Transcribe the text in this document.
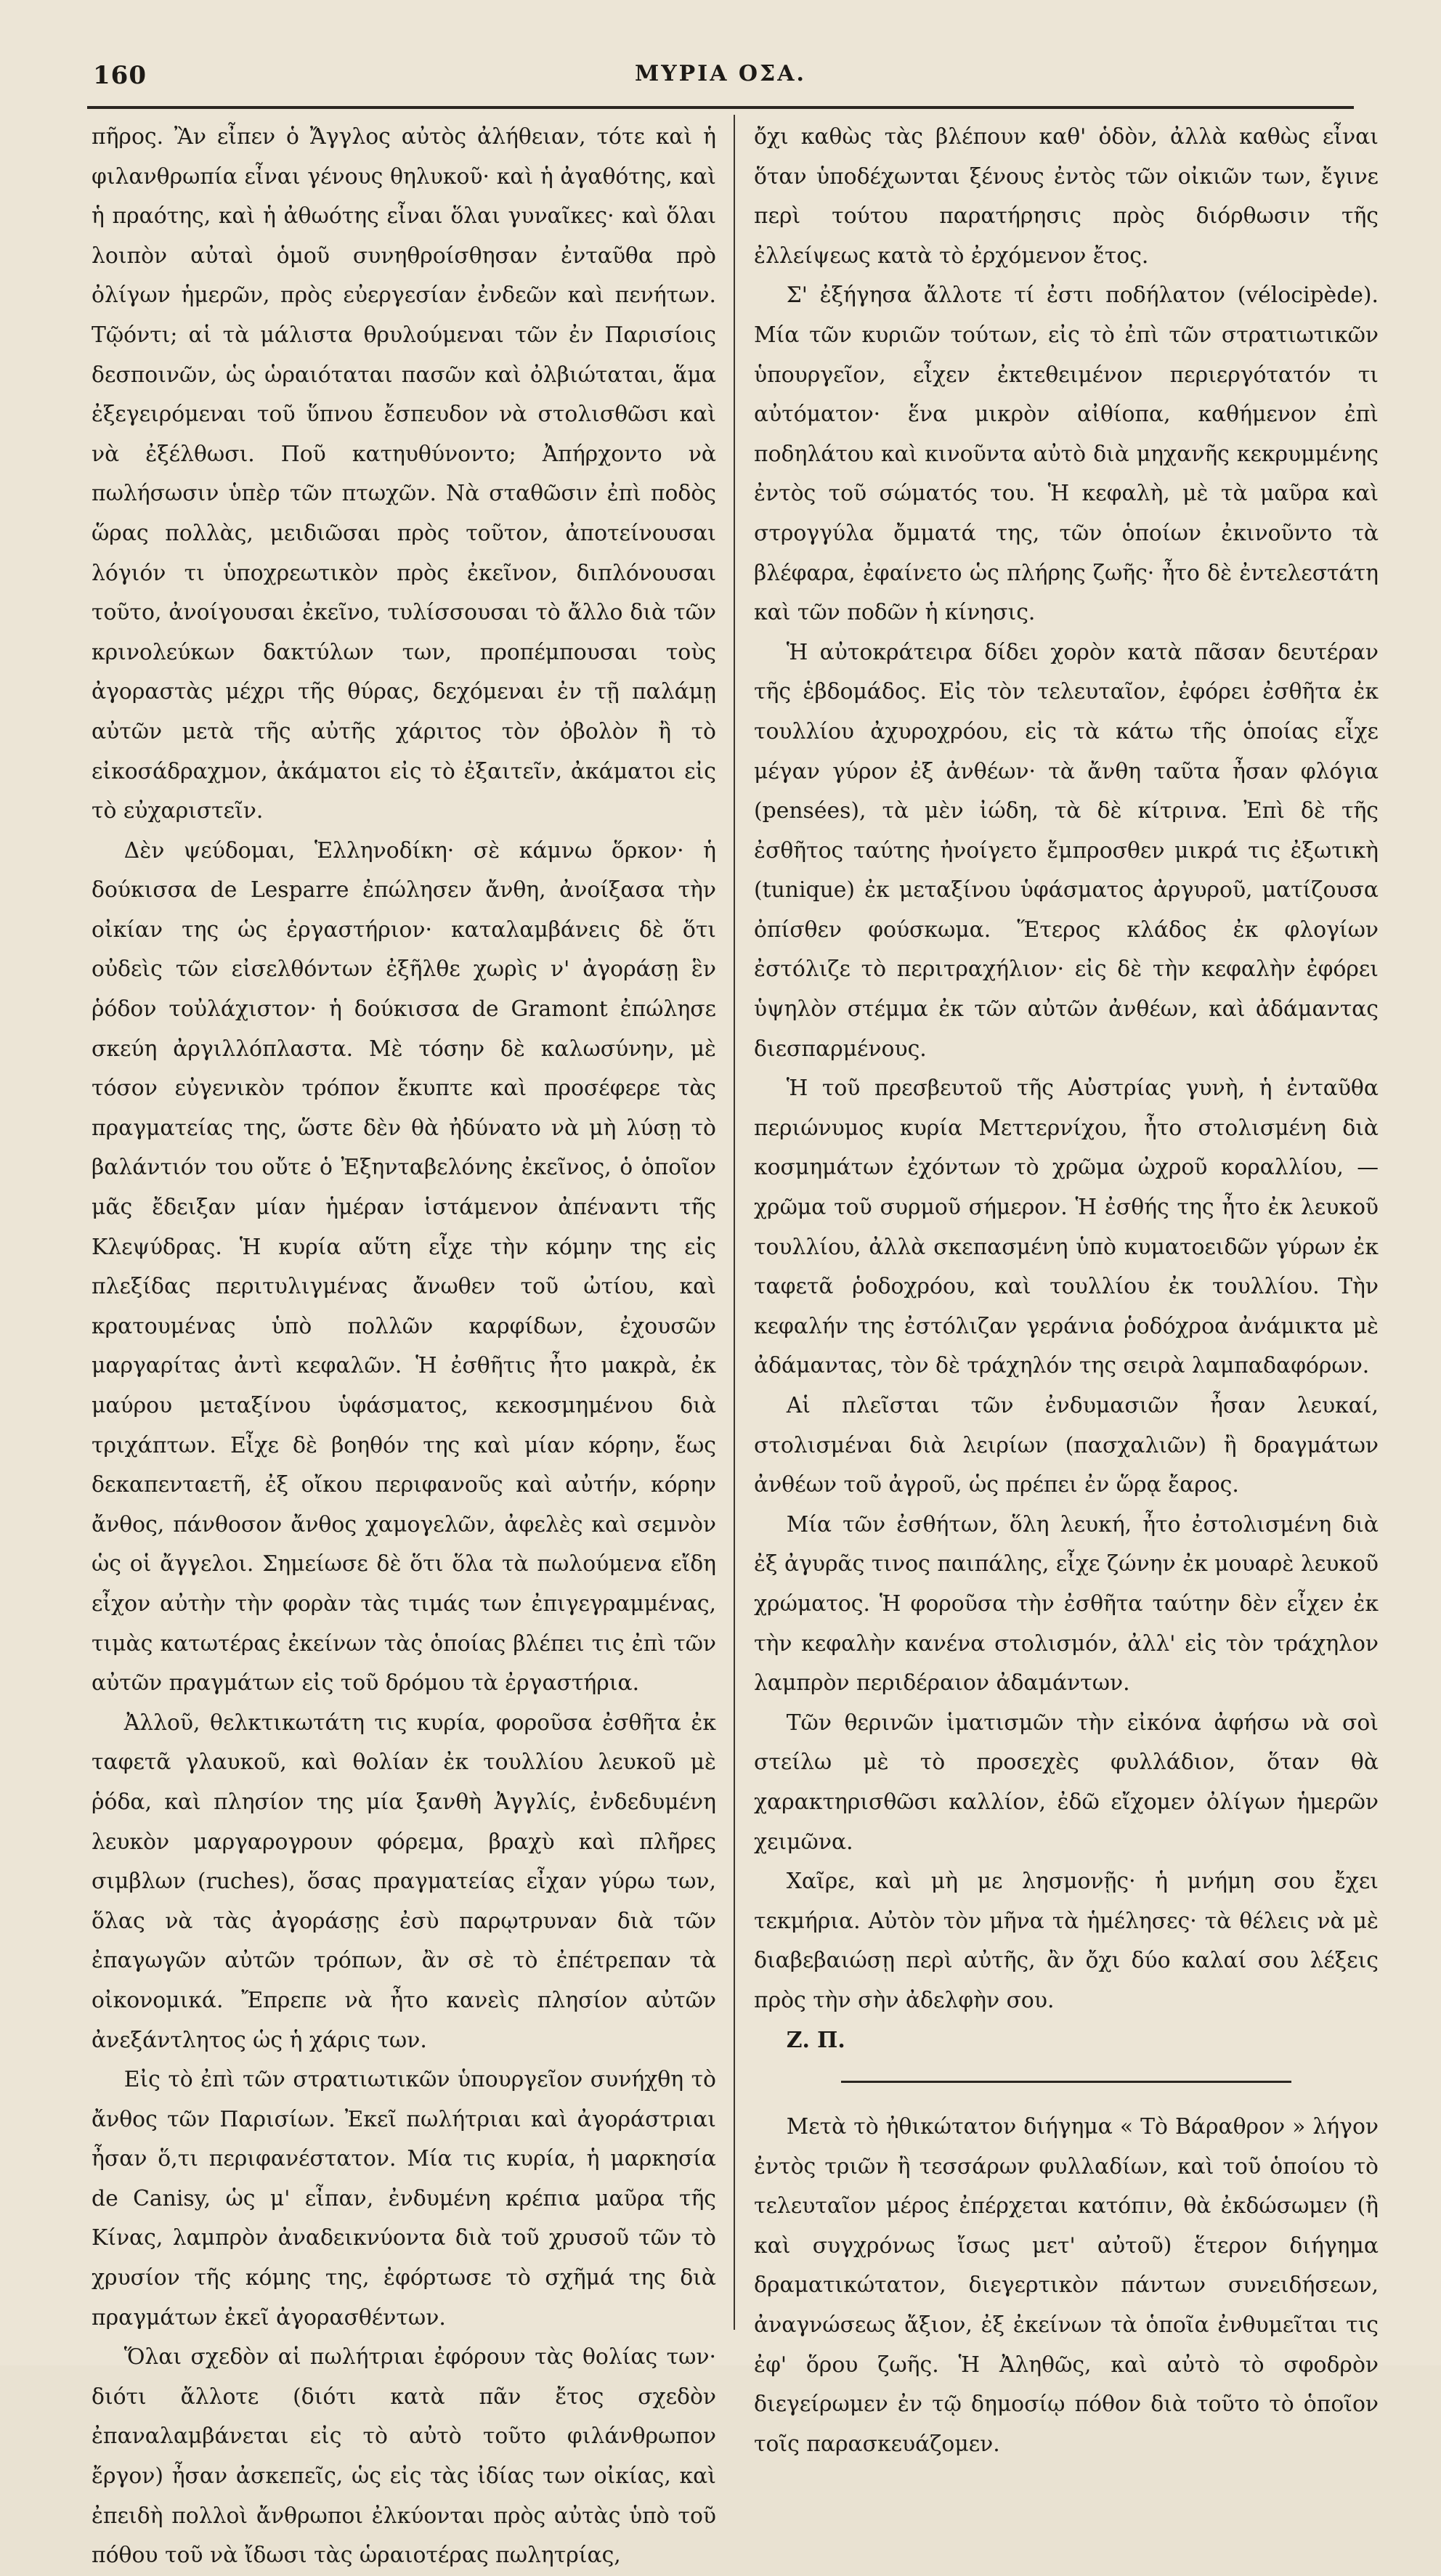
160	ΜΥΡΙΑ ΟΣΑ.

πῆρος. Ἂν εἶπεν ὁ Ἄγγλος αὐτὸς ἀλήθειαν, τότε καὶ ἡ φιλανθρωπία εἶναι γένους θηλυκοῦ· καὶ ἡ ἀγαθότης, καὶ ἡ πραότης, καὶ ἡ ἀθωότης εἶναι ὅλαι γυναῖκες· καὶ ὅλαι λοιπὸν αὐταὶ ὁμοῦ συνηθροίσθησαν ἐνταῦθα πρὸ ὀλίγων ἡμερῶν, πρὸς εὐεργεσίαν ἐνδεῶν καὶ πενήτων. Τῷόντι; αἱ τὰ μάλιστα θρυλούμεναι τῶν ἐν Παρισίοις δεσποινῶν, ὡς ὡραιόταται πασῶν καὶ ὀλβιώταται, ἅμα ἐξεγειρόμεναι τοῦ ὕπνου ἔσπευδον νὰ στολισθῶσι καὶ νὰ ἐξέλθωσι. Ποῦ κατηυθύνοντο; Ἀπήρχοντο νὰ πωλήσωσιν ὑπὲρ τῶν πτωχῶν. Νὰ σταθῶσιν ἐπὶ ποδὸς ὥρας πολλὰς, μειδιῶσαι πρὸς τοῦτον, ἀποτείνουσαι λόγιόν τι ὑποχρεωτικὸν πρὸς ἐκεῖνον, διπλόνουσαι τοῦτο, ἀνοίγουσαι ἐκεῖνο, τυλίσσουσαι τὸ ἄλλο διὰ τῶν κρινολεύκων δακτύλων των, προπέμπουσαι τοὺς ἀγοραστὰς μέχρι τῆς θύρας, δεχόμεναι ἐν τῇ παλάμῃ αὐτῶν μετὰ τῆς αὐτῆς χάριτος τὸν ὀβολὸν ἢ τὸ εἰκοσάδραχμον, ἀκάματοι εἰς τὸ ἐξαιτεῖν, ἀκάματοι εἰς τὸ εὐχαριστεῖν.

Δὲν ψεύδομαι, Ἑλληνοδίκη· σὲ κάμνω ὅρκον· ἡ δούκισσα de Lesparre ἐπώλησεν ἄνθη, ἀνοίξασα τὴν οἰκίαν της ὡς ἐργαστήριον· καταλαμβάνεις δὲ ὅτι οὐδεὶς τῶν εἰσελθόντων ἐξῆλθε χωρὶς ν' ἀγοράσῃ ἓν ῥόδον τοὐλάχιστον· ἡ δούκισσα de Gramont ἐπώλησε σκεύη ἀργιλλόπλαστα. Μὲ τόσην δὲ καλωσύνην, μὲ τόσον εὐγενικὸν τρόπον ἔκυπτε καὶ προσέφερε τὰς πραγματείας της, ὥστε δὲν θὰ ἠδύνατο νὰ μὴ λύσῃ τὸ βαλάντιόν του οὔτε ὁ Ἐξηνταβελόνης ἐκεῖνος, ὁ ὁποῖον μᾶς ἔδειξαν μίαν ἡμέραν ἱστάμενον ἀπέναντι τῆς Κλεψύδρας. Ἡ κυρία αὕτη εἶχε τὴν κόμην της εἰς πλεξίδας περιτυλιγμένας ἄνωθεν τοῦ ὠτίου, καὶ κρατουμένας ὑπὸ πολλῶν καρφίδων, ἐχουσῶν μαργαρίτας ἀντὶ κεφαλῶν. Ἡ ἐσθῆτις ἦτο μακρὰ, ἐκ μαύρου μεταξίνου ὑφάσματος, κεκοσμημένου διὰ τριχάπτων. Εἶχε δὲ βοηθόν της καὶ μίαν κόρην, ἕως δεκαπενταετῆ, ἐξ οἴκου περιφανοῦς καὶ αὐτήν, κόρην ἄνθος, πάνθοσον ἄνθος χαμογελῶν, ἀφελὲς καὶ σεμνὸν ὡς οἱ ἄγγελοι. Σημείωσε δὲ ὅτι ὅλα τὰ πωλούμενα εἴδη εἶχον αὐτὴν τὴν φορὰν τὰς τιμάς των ἐπιγεγραμμένας, τιμὰς κατωτέρας ἐκείνων τὰς ὁποίας βλέπει τις ἐπὶ τῶν αὐτῶν πραγμάτων εἰς τοῦ δρόμου τὰ ἐργαστήρια.

Ἀλλοῦ, θελκτικωτάτη τις κυρία, φοροῦσα ἐσθῆτα ἐκ ταφετᾶ γλαυκοῦ, καὶ θολίαν ἐκ τουλλίου λευκοῦ μὲ ῥόδα, καὶ πλησίον της μία ξανθὴ Ἀγγλίς, ἐνδεδυμένη λευκὸν μαργαρογρουν φόρεμα, βραχὺ καὶ πλῆρες σιμβλων (ruches), ὅσας πραγματείας εἶχαν γύρω των, ὅλας νὰ τὰς ἀγοράσῃς ἐσὺ παρῳτρυναν διὰ τῶν ἐπαγωγῶν αὐτῶν τρόπων, ἂν σὲ τὸ ἐπέτρεπαν τὰ οἰκονομικά. Ἔπρεπε νὰ ἦτο κανεὶς πλησίον αὐτῶν ἀνεξάντλητος ὡς ἡ χάρις των.

Εἰς τὸ ἐπὶ τῶν στρατιωτικῶν ὑπουργεῖον συνήχθη τὸ ἄνθος τῶν Παρισίων. Ἐκεῖ πωλήτριαι καὶ ἀγοράστριαι ἦσαν ὅ,τι περιφανέστατον. Μία τις κυρία, ἡ μαρκησία de Canisy, ὡς μ' εἶπαν, ἐνδυμένη κρέπια μαῦρα τῆς Κίνας, λαμπρὸν ἀναδεικνύοντα διὰ τοῦ χρυσοῦ τῶν τὸ χρυσίον τῆς κόμης της, ἐφόρτωσε τὸ σχῆμά της διὰ πραγμάτων ἐκεῖ ἀγορασθέντων.

Ὅλαι σχεδὸν αἱ πωλήτριαι ἐφόρουν τὰς θολίας των· διότι ἄλλοτε (διότι κατὰ πᾶν ἔτος σχεδὸν ἐπαναλαμβάνεται εἰς τὸ αὐτὸ τοῦτο φιλάνθρωπον ἔργον) ἦσαν ἀσκεπεῖς, ὡς εἰς τὰς ἰδίας των οἰκίας, καὶ ἐπειδὴ πολλοὶ ἄνθρωποι ἐλκύονται πρὸς αὐτὰς ὑπὸ τοῦ πόθου τοῦ νὰ ἴδωσι τὰς ὡραιοτέρας πωλητρίας,

ὄχι καθὼς τὰς βλέπουν καθ' ὁδὸν, ἀλλὰ καθὼς εἶναι ὅταν ὑποδέχωνται ξένους ἐντὸς τῶν οἰκιῶν των, ἔγινε περὶ τούτου παρατήρησις πρὸς διόρθωσιν τῆς ἐλλείψεως κατὰ τὸ ἐρχόμενον ἔτος.

Σ' ἐξήγησα ἄλλοτε τί ἐστι ποδήλατον (vélocipède). Μία τῶν κυριῶν τούτων, εἰς τὸ ἐπὶ τῶν στρατιωτικῶν ὑπουργεῖον, εἶχεν ἐκτεθειμένον περιεργότατόν τι αὐτόματον· ἕνα μικρὸν αἰθίοπα, καθήμενον ἐπὶ ποδηλάτου καὶ κινοῦντα αὐτὸ διὰ μηχανῆς κεκρυμμένης ἐντὸς τοῦ σώματός του. Ἡ κεφαλὴ, μὲ τὰ μαῦρα καὶ στρογγύλα ὄμματά της, τῶν ὁποίων ἐκινοῦντο τὰ βλέφαρα, ἐφαίνετο ὡς πλήρης ζωῆς· ἦτο δὲ ἐντελεστάτη καὶ τῶν ποδῶν ἡ κίνησις.

Ἡ αὐτοκράτειρα δίδει χορὸν κατὰ πᾶσαν δευτέραν τῆς ἑβδομάδος. Εἰς τὸν τελευταῖον, ἐφόρει ἐσθῆτα ἐκ τουλλίου ἀχυροχρόου, εἰς τὰ κάτω τῆς ὁποίας εἶχε μέγαν γύρον ἐξ ἀνθέων· τὰ ἄνθη ταῦτα ἦσαν φλόγια (pensées), τὰ μὲν ἰώδη, τὰ δὲ κίτρινα. Ἐπὶ δὲ τῆς ἐσθῆτος ταύτης ἠνοίγετο ἔμπροσθεν μικρά τις ἐξωτικὴ (tunique) ἐκ μεταξίνου ὑφάσματος ἀργυροῦ, ματίζουσα ὀπίσθεν φούσκωμα. Ἕτερος κλάδος ἐκ φλογίων ἐστόλιζε τὸ περιτραχήλιον· εἰς δὲ τὴν κεφαλὴν ἐφόρει ὑψηλὸν στέμμα ἐκ τῶν αὐτῶν ἀνθέων, καὶ ἀδάμαντας διεσπαρμένους.

Ἡ τοῦ πρεσβευτοῦ τῆς Αὐστρίας γυνὴ, ἡ ἐνταῦθα περιώνυμος κυρία Μεττερνίχου, ἦτο στολισμένη διὰ κοσμημάτων ἐχόντων τὸ χρῶμα ὠχροῦ κοραλλίου, — χρῶμα τοῦ συρμοῦ σήμερον. Ἡ ἐσθής της ἦτο ἐκ λευκοῦ τουλλίου, ἀλλὰ σκεπασμένη ὑπὸ κυματοειδῶν γύρων ἐκ ταφετᾶ ῥοδοχρόου, καὶ τουλλίου ἐκ τουλλίου. Τὴν κεφαλήν της ἐστόλιζαν γεράνια ῥοδόχροα ἀνάμικτα μὲ ἀδάμαντας, τὸν δὲ τράχηλόν της σειρὰ λαμπαδαφόρων.

Αἱ πλεῖσται τῶν ἐνδυμασιῶν ἦσαν λευκαί, στολισμέναι διὰ λειρίων (πασχαλιῶν) ἢ δραγμάτων ἀνθέων τοῦ ἀγροῦ, ὡς πρέπει ἐν ὥρᾳ ἔαρος.

Μία τῶν ἐσθήτων, ὅλη λευκή, ἦτο ἐστολισμένη διὰ ἐξ ἀγυρᾶς τινος παιπάλης, εἶχε ζώνην ἐκ μουαρὲ λευκοῦ χρώματος. Ἡ φοροῦσα τὴν ἐσθῆτα ταύτην δὲν εἶχεν ἐκ τὴν κεφαλὴν κανένα στολισμόν, ἀλλ' εἰς τὸν τράχηλον λαμπρὸν περιδέραιον ἀδαμάντων.

Τῶν θερινῶν ἱματισμῶν τὴν εἰκόνα ἀφήσω νὰ σοὶ στείλω μὲ τὸ προσεχὲς φυλλάδιον, ὅταν θὰ χαρακτηρισθῶσι καλλίον, ἐδῶ εἴχομεν ὀλίγων ἡμερῶν χειμῶνα.

Χαῖρε, καὶ μὴ με λησμονῇς· ἡ μνήμη σου ἔχει τεκμήρια. Αὐτὸν τὸν μῆνα τὰ ἡμέλησες· τὰ θέλεις νὰ μὲ διαβεβαιώσῃ περὶ αὐτῆς, ἂν ὄχι δύο καλαί σου λέξεις πρὸς τὴν σὴν ἀδελφὴν σου.

Ζ. Π.

Μετὰ τὸ ἠθικώτατον διήγημα « Τὸ Βάραθρον » λήγον ἐντὸς τριῶν ἢ τεσσάρων φυλλαδίων, καὶ τοῦ ὁποίου τὸ τελευταῖον μέρος ἐπέρχεται κατόπιν, θὰ ἐκδώσωμεν (ἢ καὶ συγχρόνως ἴσως μετ' αὐτοῦ) ἕτερον διήγημα δραματικώτατον, διεγερτικὸν πάντων συνειδήσεων, ἀναγνώσεως ἄξιον, ἐξ ἐκείνων τὰ ὁποῖα ἐνθυμεῖται τις ἐφ' ὅρου ζωῆς. Ἡ Ἀληθῶς, καὶ αὐτὸ τὸ σφοδρὸν διεγείρωμεν ἐν τῷ δημοσίῳ πόθον διὰ τοῦτο τὸ ὁποῖον τοῖς παρασκευάζομεν.
